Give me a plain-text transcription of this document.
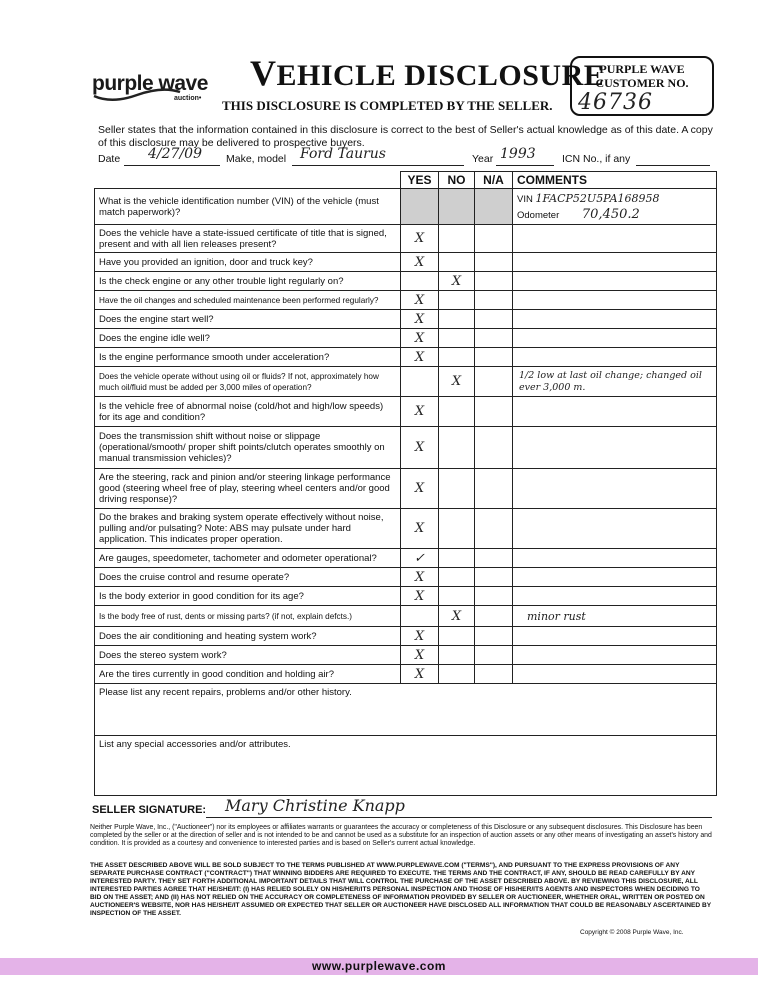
purple wave
auction•
VEHICLE DISCLOSURE
THIS DISCLOSURE IS COMPLETED BY THE SELLER.
PURPLE WAVE
CUSTOMER NO.
46736
Seller states that the information contained in this disclosure is correct to the best of Seller's actual knowledge as of this date. A copy of this disclosure may be delivered to prospective buyers.
Date 4/27/09 Make, model Ford Taurus	Year 1993	ICN No., if any
	YES	NO	N/A	COMMENTS
What is the vehicle identification number (VIN) of the vehicle (must match paperwork)?				VIN 1FACP52U5PA168958
Odometer 70,450.2

Does the vehicle have a state-issued certificate of title that is signed, present and with all lien releases present?	X			
Have you provided an ignition, door and truck key?	X			
Is the check engine or any other trouble light regularly on?		X		
Have the oil changes and scheduled maintenance been performed regularly?	X			
Does the engine start well?	X			
Does the engine idle well?	X			
Is the engine performance smooth under acceleration?	X			
Does the vehicle operate without using oil or fluids? If not, approximately how much oil/fluid must be added per 3,000 miles of operation?		X		1/2 low at last oil change; changed oil ever 3,000 m.
Is the vehicle free of abnormal noise (cold/hot and high/low speeds) for its age and condition?	X			
Does the transmission shift without noise or slippage (operational/smooth/ proper shift points/clutch operates smoothly on manual transmission vehicles)?	X			
Are the steering, rack and pinion and/or steering linkage performance good (steering wheel free of play, steering wheel centers and/or good driving response)?	X			
Do the brakes and braking system operate effectively without noise, pulling and/or pulsating? Note: ABS may pulsate under hard application. This indicates proper operation.	X			
Are gauges, speedometer, tachometer and odometer operational?	✓			
Does the cruise control and resume operate?	X			
Is the body exterior in good condition for its age?	X			
Is the body free of rust, dents or missing parts? (if not, explain defcts.)		X		minor rust
Does the air conditioning and heating system work?	X			
Does the stereo system work?	X			
Are the tires currently in good condition and holding air?	X			
Please list any recent repairs, problems and/or other history.				
List any special accessories and/or attributes.				
SELLER SIGNATURE: Mary Christine Knapp
Neither Purple Wave, Inc., ("Auctioneer") nor its employees or affiliates warrants or guarantees the accuracy or completeness of this Disclosure or any subsequent disclosures. This Disclosure has been completed by the seller or at the direction of seller and is not intended to be and cannot be used as a substitute for an inspection of auction assets or any other means of investigating an asset's history and condition. It is provided as a courtesy and convenience to interested parties and is based on Seller's current actual knowledge.
THE ASSET DESCRIBED ABOVE WILL BE SOLD SUBJECT TO THE TERMS PUBLISHED AT WWW.PURPLEWAVE.COM ("TERMS"), AND PURSUANT TO THE EXPRESS PROVISIONS OF ANY SEPARATE PURCHASE CONTRACT ("CONTRACT") THAT WINNING BIDDERS ARE REQUIRED TO EXECUTE. THE TERMS AND THE CONTRACT, IF ANY, SHOULD BE READ CAREFULLY BY ANY INTERESTED PARTY. THEY SET FORTH ADDITIONAL IMPORTANT DETAILS THAT WILL CONTROL THE PURCHASE OF THE ASSET DESCRIBED ABOVE. BY REVIEWING THIS DISCLOSURE, ALL INTERESTED PARTIES AGREE THAT HE/SHE/IT: (I) HAS RELIED SOLELY ON HIS/HER/ITS PERSONAL INSPECTION AND THOSE OF HIS/HER/ITS AGENTS AND INSPECTORS WHEN DECIDING TO BID ON THE ASSET; AND (II) HAS NOT RELIED ON THE ACCURACY OR COMPLETENESS OF INFORMATION PROVIDED BY SELLER OR AUCTIONEER, WHETHER ORAL, WRITTEN OR POSTED ON AUCTIONEER'S WEBSITE, NOR HAS HE/SHE/IT ASSUMED OR EXPECTED THAT SELLER OR AUCTIONEER HAVE DISCLOSED ALL INFORMATION THAT COULD BE REASONABLY ASCERTAINED BY INSPECTION OF THE ASSET.
Copyright © 2008 Purple Wave, Inc.
www.purplewave.com
